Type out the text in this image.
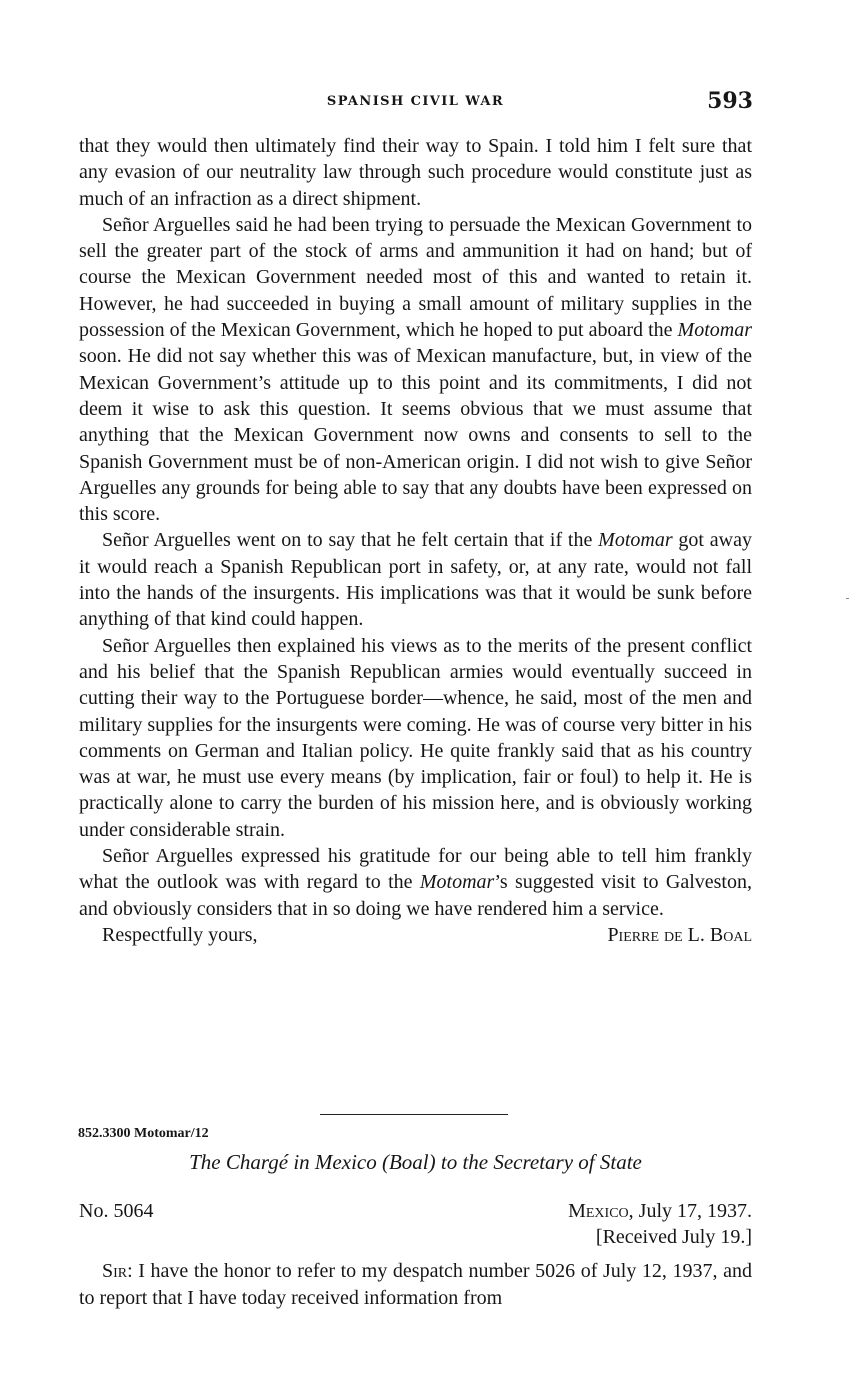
SPANISH CIVIL WAR	593

that they would then ultimately find their way to Spain. I told him I felt sure that any evasion of our neutrality law through such procedure would constitute just as much of an infraction as a direct shipment.

Señor Arguelles said he had been trying to persuade the Mexican Government to sell the greater part of the stock of arms and ammunition it had on hand; but of course the Mexican Government needed most of this and wanted to retain it. However, he had succeeded in buying a small amount of military supplies in the possession of the Mexican Government, which he hoped to put aboard the Motomar soon. He did not say whether this was of Mexican manufacture, but, in view of the Mexican Government’s attitude up to this point and its commitments, I did not deem it wise to ask this question. It seems obvious that we must assume that anything that the Mexican Government now owns and consents to sell to the Spanish Government must be of non-American origin. I did not wish to give Señor Arguelles any grounds for being able to say that any doubts have been expressed on this score.

Señor Arguelles went on to say that he felt certain that if the Motomar got away it would reach a Spanish Republican port in safety, or, at any rate, would not fall into the hands of the insurgents. His implications was that it would be sunk before anything of that kind could happen.

Señor Arguelles then explained his views as to the merits of the present conflict and his belief that the Spanish Republican armies would eventually succeed in cutting their way to the Portuguese border—whence, he said, most of the men and military supplies for the insurgents were coming. He was of course very bitter in his comments on German and Italian policy. He quite frankly said that as his country was at war, he must use every means (by implication, fair or foul) to help it. He is practically alone to carry the burden of his mission here, and is obviously working under considerable strain.

Señor Arguelles expressed his gratitude for our being able to tell him frankly what the outlook was with regard to the Motomar’s suggested visit to Galveston, and obviously considers that in so doing we have rendered him a service.

Respectfully yours,	Pierre de L. Boal
852.3300 Motomar/12
The Chargé in Mexico (Boal) to the Secretary of State
No. 5064	Mexico, July 17, 1937.
[Received July 19.]

Sir: I have the honor to refer to my despatch number 5026 of July 12, 1937, and to report that I have today received information from
